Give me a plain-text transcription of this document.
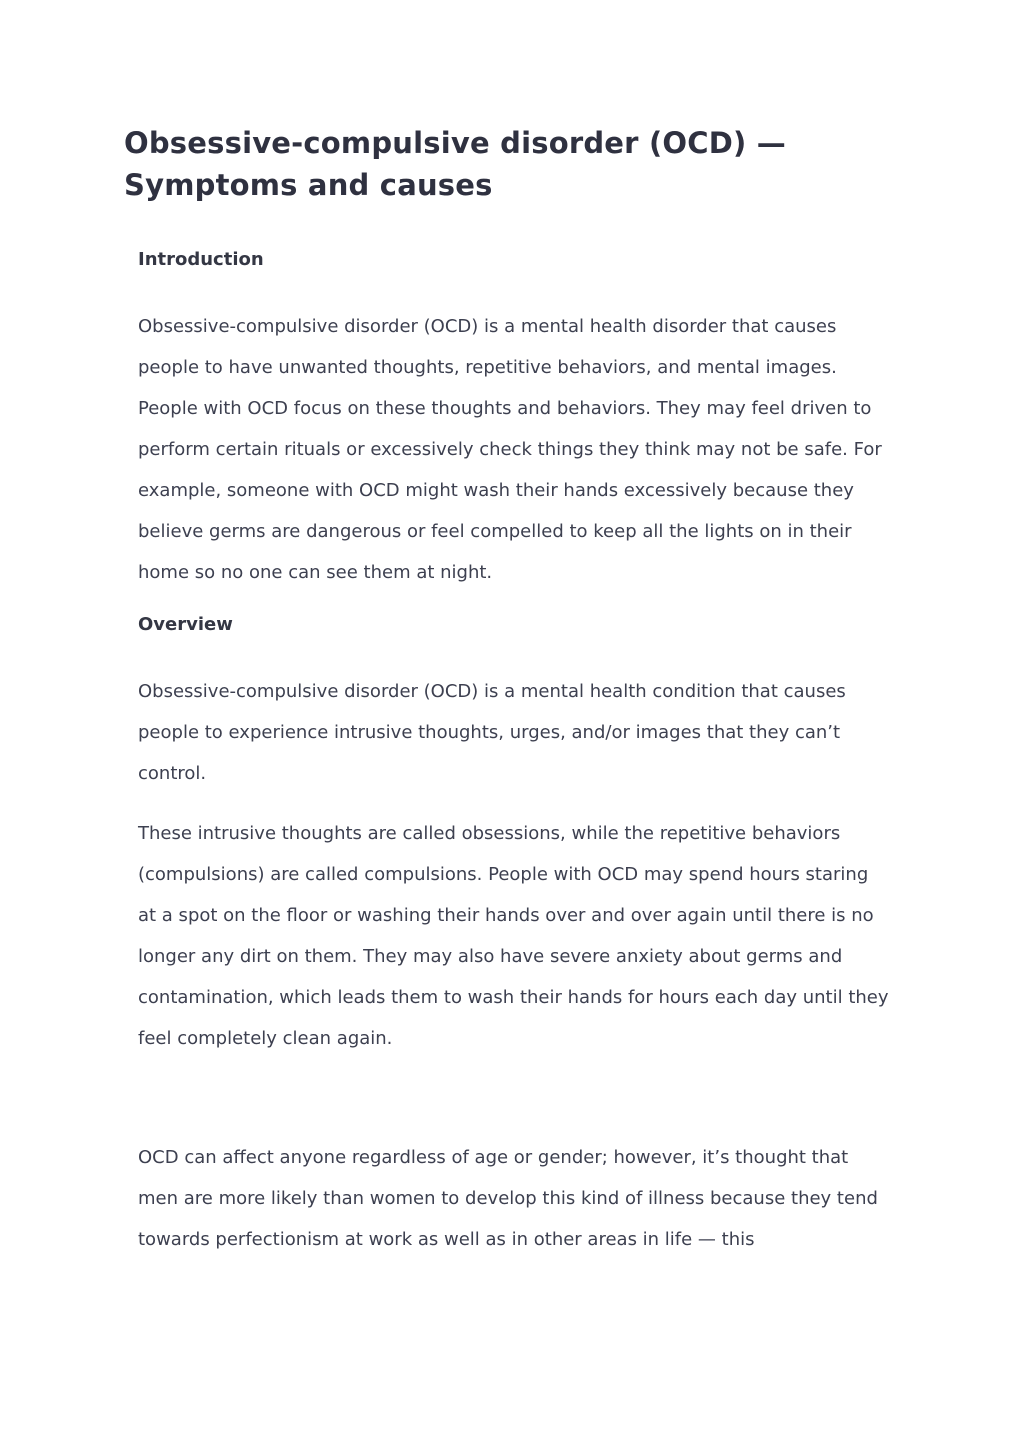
Obsessive-compulsive disorder (OCD) — Symptoms and causes
Introduction

Obsessive-compulsive disorder (OCD) is a mental health disorder that causes people to have unwanted thoughts, repetitive behaviors, and mental images. People with OCD focus on these thoughts and behaviors. They may feel driven to perform certain rituals or excessively check things they think may not be safe. For example, someone with OCD might wash their hands excessively because they believe germs are dangerous or feel compelled to keep all the lights on in their home so no one can see them at night.

Overview

Obsessive-compulsive disorder (OCD) is a mental health condition that causes people to experience intrusive thoughts, urges, and/or images that they can’t control.

These intrusive thoughts are called obsessions, while the repetitive behaviors (compulsions) are called compulsions. People with OCD may spend hours staring at a spot on the floor or washing their hands over and over again until there is no longer any dirt on them. They may also have severe anxiety about germs and contamination, which leads them to wash their hands for hours each day until they feel completely clean again.

OCD can affect anyone regardless of age or gender; however, it’s thought that men are more likely than women to develop this kind of illness because they tend towards perfectionism at work as well as in other areas in life — this
